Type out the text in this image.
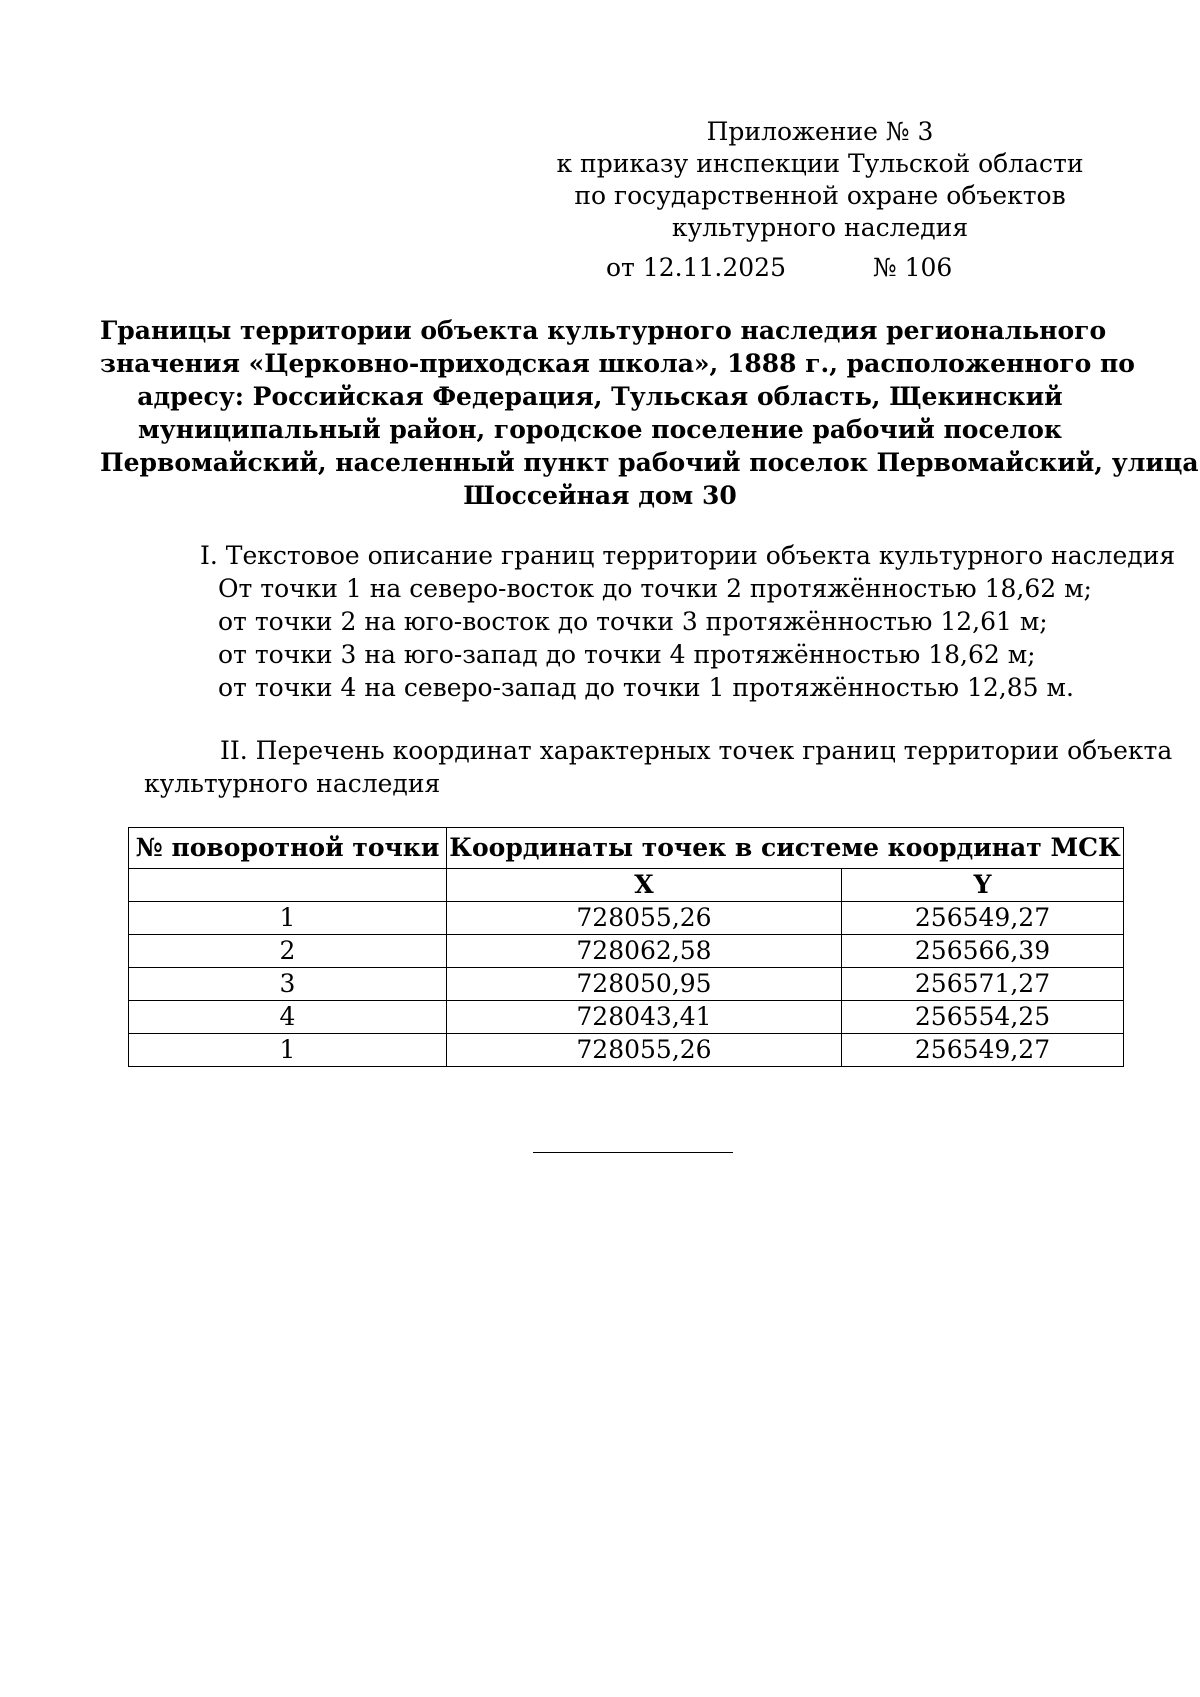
Приложение № 3
к приказу инспекции Тульской области
по государственной охране объектов
культурного наследия
от 12.11.2025	№ 106
Границы территории объекта культурного наследия регионального
значения «Церковно-приходская школа», 1888 г., расположенного по
адресу: Российская Федерация, Тульская область, Щекинский
муниципальный район, городское поселение рабочий поселок
Первомайский, населенный пункт рабочий поселок Первомайский, улица
Шоссейная дом 30
I. Текстовое описание границ территории объекта культурного наследия
От точки 1 на северо-восток до точки 2 протяжённостью 18,62 м;
от точки 2 на юго-восток до точки 3 протяжённостью 12,61 м;
от точки 3 на юго-запад до точки 4 протяжённостью 18,62 м;
от точки 4 на северо-запад до точки 1 протяжённостью 12,85 м.
II. Перечень координат характерных точек границ территории объекта
культурного наследия
№ поворотной точки	Координаты точек в системе координат МСК	
	X	Y
1	728055,26	256549,27
2	728062,58	256566,39
3	728050,95	256571,27
4	728043,41	256554,25
1	728055,26	256549,27
